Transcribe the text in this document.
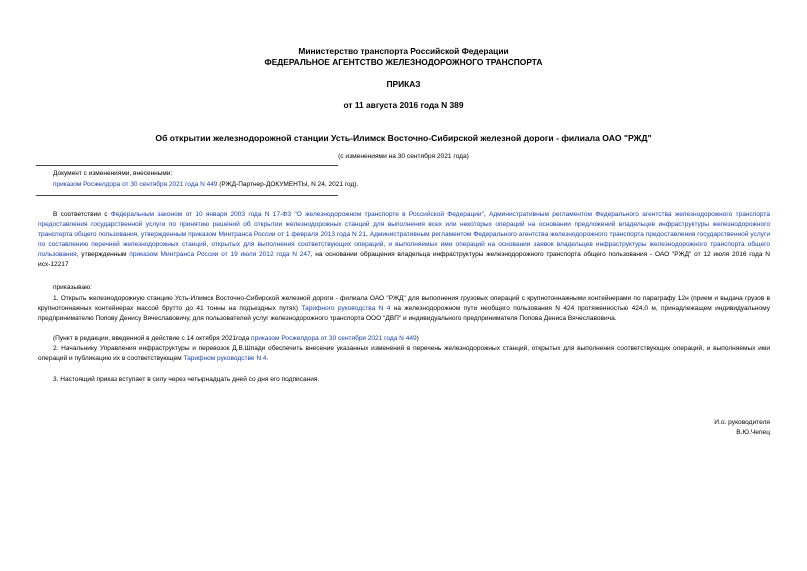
Министерство транспорта Российской Федерации
ФЕДЕРАЛЬНОЕ АГЕНТСТВО ЖЕЛЕЗНОДОРОЖНОГО ТРАНСПОРТА
ПРИКАЗ
от 11 августа 2016 года N 389
Об открытии железнодорожной станции Усть-Илимск Восточно-Сибирской железной дороги - филиала ОАО "РЖД"
(с изменениями на 30 сентября 2021 года)
Документ с изменениями, внесенными:
приказом Росжелдора от 30 сентября 2021 года N 449 (РЖД-Партнер-ДОКУМЕНТЫ, N 24, 2021 год).

В соответствии с Федеральным законом от 10 января 2003 года N 17-ФЗ "О железнодорожном транспорте в Российской Федерации", Административным регламентом Федерального агентства железнодорожного транспорта предоставления государственной услуги по принятию решений об открытии железнодорожных станций для выполнения всех или некоторых операций на основании предложений владельцев инфраструктуры железнодорожного транспорта общего пользования, утвержденным приказом Минтранса России от 1 февраля 2013 года N 21, Административным регламентом Федерального агентства железнодорожного транспорта предоставления государственной услуги по составлению перечней железнодорожных станций, открытых для выполнения соответствующих операций, и выполняемых ими операций на основании заявок владельцев инфраструктуры железнодорожного транспорта общего пользования, утвержденным приказом Минтранса России от 19 июля 2012 года N 247, на основании обращения владельца инфраструктуры железнодорожного транспорта общего пользования - ОАО "РЖД" от 12 июля 2016 года N исх-12217

приказываю:

1. Открыть железнодорожную станцию Усть-Илимск Восточно-Сибирской железной дороги - филиала ОАО "РЖД" для выполнения грузовых операций с крупнотоннажными контейнерами по параграфу 12н (прием и выдача грузов в крупнотоннажных контейнерах массой брутто до 41 тонны на подъездных путях) Тарифного руководства N 4 на железнодорожном пути необщего пользования N 424 протяженностью 424,0 м, принадлежащем индивидуальному предпринимателю Попову Денису Вячеславовичу, для пользователей услуг железнодорожного транспорта ООО "ДВП" и индивидуального предпринимателя Попова Дениса Вячеславовича.

(Пункт в редакции, введенной в действие с 14 октября 2021года приказом Росжелдора от 30 сентября 2021 года N 449)

2. Начальнику Управления инфраструктуры и перевозок Д.В.Шпади обеспечить внесение указанных изменений в перечень железнодорожных станций, открытых для выполнения соответствующих операций, и выполняемых ими операций и публикацию их в соответствующем Тарифном руководстве N 4.

3. Настоящий приказ вступает в силу через четырнадцать дней со дня его подписания.

И.о. руководителя
В.Ю.Чепец
